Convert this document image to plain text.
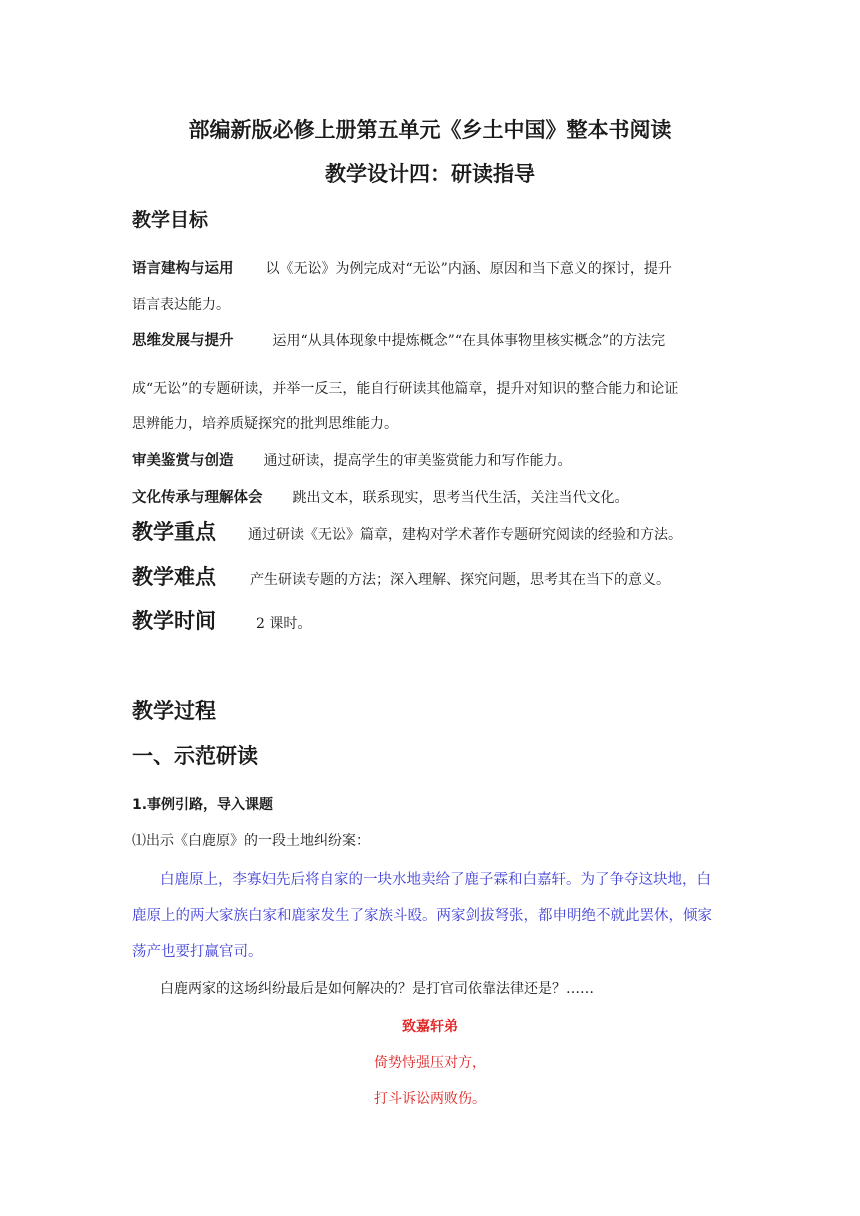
部编新版必修上册第五单元《乡土中国》整本书阅读
教学设计四：研读指导
教学目标
语言建构与运用 以《无讼》为例完成对“无讼”内涵、原因和当下意义的探讨，提升
语言表达能力。
思维发展与提升	运用“从具体现象中提炼概念”“在具体事物里核实概念”的方法完
成“无讼”的专题研读，并举一反三，能自行研读其他篇章，提升对知识的整合能力和论证
思辨能力，培养质疑探究的批判思维能力。
审美鉴赏与创造 通过研读，提高学生的审美鉴赏能力和写作能力。
文化传承与理解体会 跳出文本，联系现实，思考当代生活，关注当代文化。
教学重点 通过研读《无讼》篇章，建构对学术著作专题研究阅读的经验和方法。
教学难点 产生研读专题的方法；深入理解、探究问题，思考其在当下的意义。
教学时间	2 课时。
教学过程
一、示范研读
1.事例引路，导入课题
⑴出示《白鹿原》的一段土地纠纷案：
白鹿原上，李寡妇先后将自家的一块水地卖给了鹿子霖和白嘉轩。为了争夺这块地，白
鹿原上的两大家族白家和鹿家发生了家族斗殴。两家剑拔弩张，都申明绝不就此罢休，倾家
荡产也要打赢官司。
白鹿两家的这场纠纷最后是如何解决的？是打官司依靠法律还是？……
致嘉轩弟
倚势恃强压对方，
打斗诉讼两败伤。
